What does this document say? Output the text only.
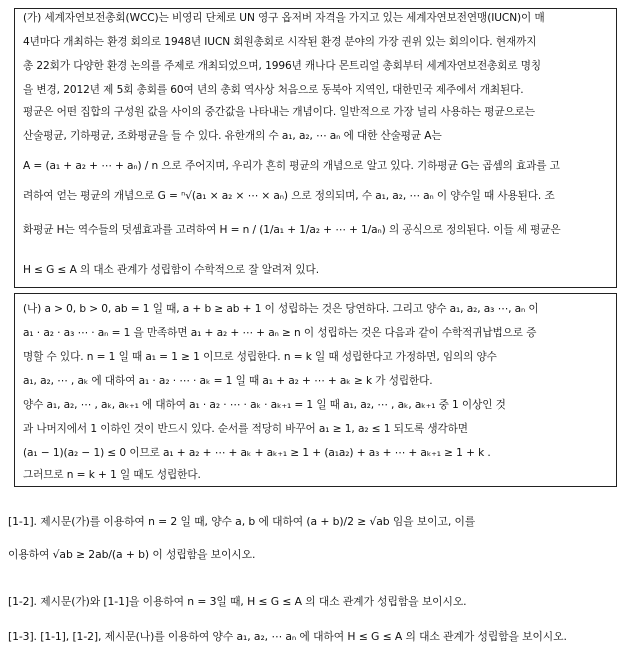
(가) 세계자연보전총회(WCC)는 비영리 단체로 UN 영구 옵저버 자격을 가지고 있는 세계자연보전연맹(IUCN)이 매
4년마다 개최하는 환경 회의로 1948년 IUCN 회원총회로 시작된 환경 분야의 가장 권위 있는 회의이다. 현재까지
총 22회가 다양한 환경 논의를 주제로 개최되었으며, 1996년 캐나다 몬트리얼 총회부터 세계자연보전총회로 명칭
을 변경, 2012년 제 5회 총회를 60여 년의 총회 역사상 처음으로 동북아 지역인, 대한민국 제주에서 개최된다.
평균은 어떤 집합의 구성원 값을 사이의 중간값을 나타내는 개념이다. 일반적으로 가장 널리 사용하는 평균으로는
산술평균, 기하평균, 조화평균을 들 수 있다. 유한개의 수 a₁, a₂, ⋯ aₙ 에 대한 산술평균 A는
A = (a₁ + a₂ + ⋯ + aₙ) / n 으로 주어지며, 우리가 흔히 평균의 개념으로 알고 있다. 기하평균 G는 곱셈의 효과를 고
려하여 얻는 평균의 개념으로 G = ⁿ√(a₁ × a₂ × ⋯ × aₙ) 으로 정의되며, 수 a₁, a₂, ⋯ aₙ 이 양수일 때 사용된다. 조
화평균 H는 역수들의 덧셈효과를 고려하여 H = n / (1/a₁ + 1/a₂ + ⋯ + 1/aₙ) 의 공식으로 정의된다. 이들 세 평균은
H ≤ G ≤ A 의 대소 관계가 성립함이 수학적으로 잘 알려져 있다.
(나) a > 0, b > 0, ab = 1 일 때, a + b ≥ ab + 1 이 성립하는 것은 당연하다. 그리고 양수 a₁, a₂, a₃ ⋯, aₙ 이
a₁ · a₂ · a₃ ⋯ · aₙ = 1 을 만족하면 a₁ + a₂ + ⋯ + aₙ ≥ n 이 성립하는 것은 다음과 같이 수학적귀납법으로 증
명할 수 있다. n = 1 일 때 a₁ = 1 ≥ 1 이므로 성립한다. n = k 일 때 성립한다고 가정하면, 임의의 양수
a₁, a₂, ⋯ , aₖ 에 대하여 a₁ · a₂ · ⋯ · aₖ = 1 일 때 a₁ + a₂ + ⋯ + aₖ ≥ k 가 성립한다.
양수 a₁, a₂, ⋯ , aₖ, aₖ₊₁ 에 대하여 a₁ · a₂ · ⋯ · aₖ · aₖ₊₁ = 1 일 때 a₁, a₂, ⋯ , aₖ, aₖ₊₁ 중 1 이상인 것
과 나머지에서 1 이하인 것이 반드시 있다. 순서를 적당히 바꾸어 a₁ ≥ 1, a₂ ≤ 1 되도록 생각하면
(a₁ − 1)(a₂ − 1) ≤ 0 이므로 a₁ + a₂ + ⋯ + aₖ + aₖ₊₁ ≥ 1 + (a₁a₂) + a₃ + ⋯ + aₖ₊₁ ≥ 1 + k .
그러므로 n = k + 1 일 때도 성립한다.
[1-1]. 제시문(가)를 이용하여 n = 2 일 때, 양수 a, b 에 대하여 (a + b)/2 ≥ √ab 임을 보이고, 이를
이용하여 √ab ≥ 2ab/(a + b) 이 성립함을 보이시오.
[1-2]. 제시문(가)와 [1-1]을 이용하여 n = 3일 때, H ≤ G ≤ A 의 대소 관계가 성립함을 보이시오.
[1-3]. [1-1], [1-2], 제시문(나)를 이용하여 양수 a₁, a₂, ⋯ aₙ 에 대하여 H ≤ G ≤ A 의 대소 관계가 성립함을 보이시오.
